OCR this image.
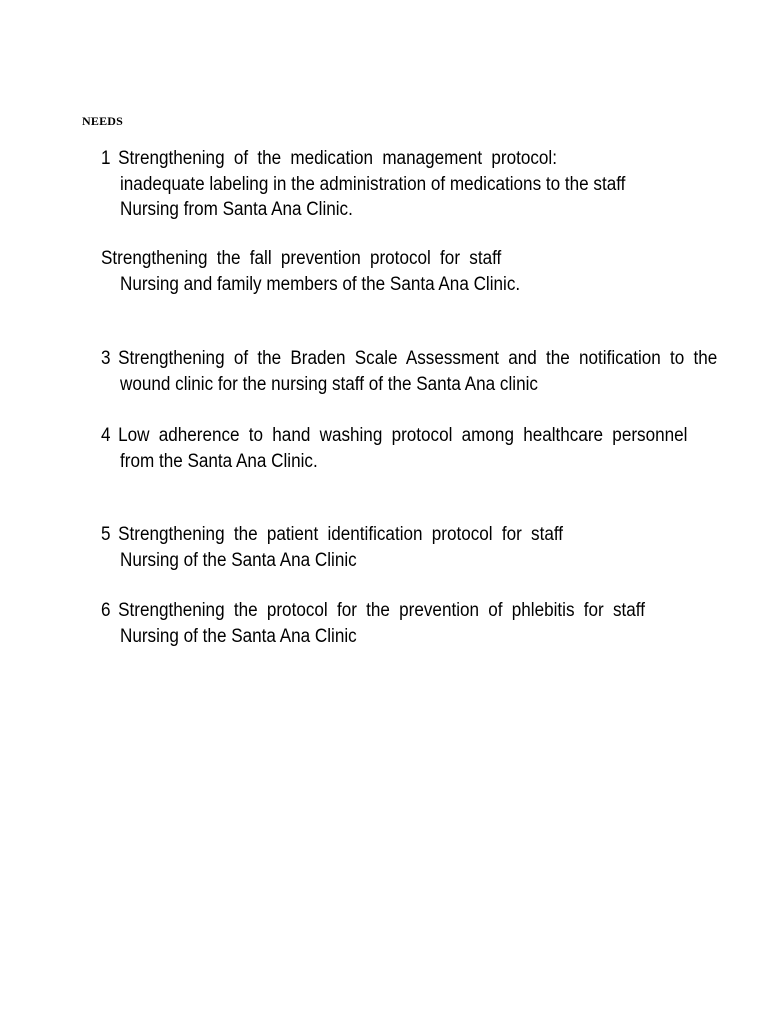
NEEDS
1 Strengthening of the medication management protocol:
inadequate labeling in the administration of medications to the staff
Nursing from Santa Ana Clinic.
Strengthening the fall prevention protocol for staff
Nursing and family members of the Santa Ana Clinic.
3 Strengthening of the Braden Scale Assessment and the notification to the
wound clinic for the nursing staff of the Santa Ana clinic
4 Low adherence to hand washing protocol among healthcare personnel
from the Santa Ana Clinic.
5 Strengthening the patient identification protocol for staff
Nursing of the Santa Ana Clinic
6 Strengthening the protocol for the prevention of phlebitis for staff
Nursing of the Santa Ana Clinic
